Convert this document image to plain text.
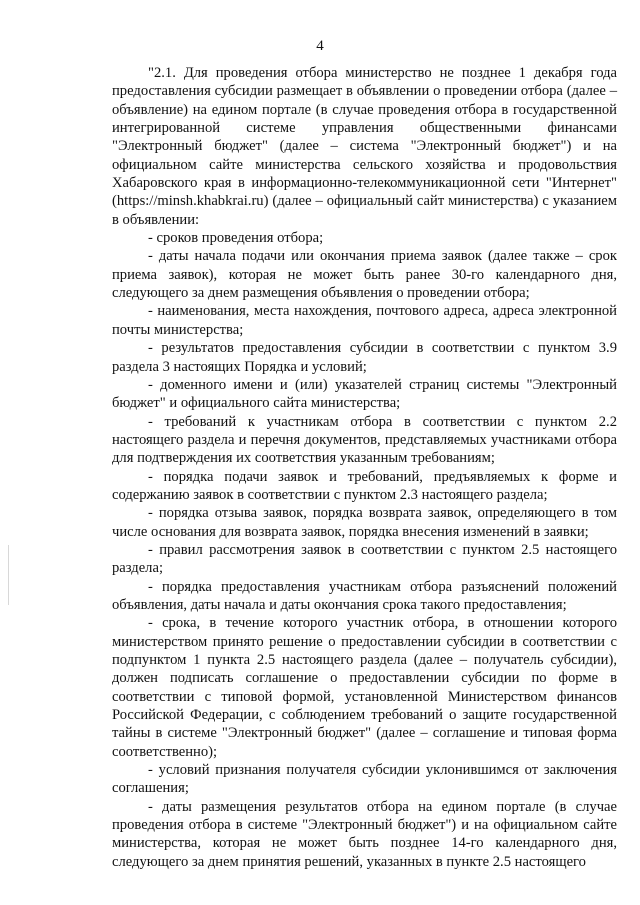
4

"2.1. Для проведения отбора министерство не позднее 1 декабря года предоставления субсидии размещает в объявлении о проведении отбора (далее – объявление) на едином портале (в случае проведения отбора в государственной интегрированной системе управления общественными финансами "Электронный бюджет" (далее – система "Электронный бюджет") и на официальном сайте министерства сельского хозяйства и продовольствия Хабаровского края в информационно-телекоммуникационной сети "Интернет" (https://minsh.khabkrai.ru) (далее – официальный сайт министерства) с указанием в объявлении:

- сроков проведения отбора;

- даты начала подачи или окончания приема заявок (далее также – срок приема заявок), которая не может быть ранее 30-го календарного дня, следующего за днем размещения объявления о проведении отбора;

- наименования, места нахождения, почтового адреса, адреса электронной почты министерства;

- результатов предоставления субсидии в соответствии с пунктом 3.9 раздела 3 настоящих Порядка и условий;

- доменного имени и (или) указателей страниц системы "Электронный бюджет" и официального сайта министерства;

- требований к участникам отбора в соответствии с пунктом 2.2 настоящего раздела и перечня документов, представляемых участниками отбора для подтверждения их соответствия указанным требованиям;

- порядка подачи заявок и требований, предъявляемых к форме и содержанию заявок в соответствии с пунктом 2.3 настоящего раздела;

- порядка отзыва заявок, порядка возврата заявок, определяющего в том числе основания для возврата заявок, порядка внесения изменений в заявки;

- правил рассмотрения заявок в соответствии с пунктом 2.5 настоящего раздела;

- порядка предоставления участникам отбора разъяснений положений объявления, даты начала и даты окончания срока такого предоставления;

- срока, в течение которого участник отбора, в отношении которого министерством принято решение о предоставлении субсидии в соответствии с подпунктом 1 пункта 2.5 настоящего раздела (далее – получатель субсидии), должен подписать соглашение о предоставлении субсидии по форме в соответствии с типовой формой, установленной Министерством финансов Российской Федерации, с соблюдением требований о защите государственной тайны в системе "Электронный бюджет" (далее – соглашение и типовая форма соответственно);

- условий признания получателя субсидии уклонившимся от заключения соглашения;

- даты размещения результатов отбора на едином портале (в случае проведения отбора в системе "Электронный бюджет") и на официальном сайте министерства, которая не может быть позднее 14-го календарного дня, следующего за днем принятия решений, указанных в пункте 2.5 настоящего
